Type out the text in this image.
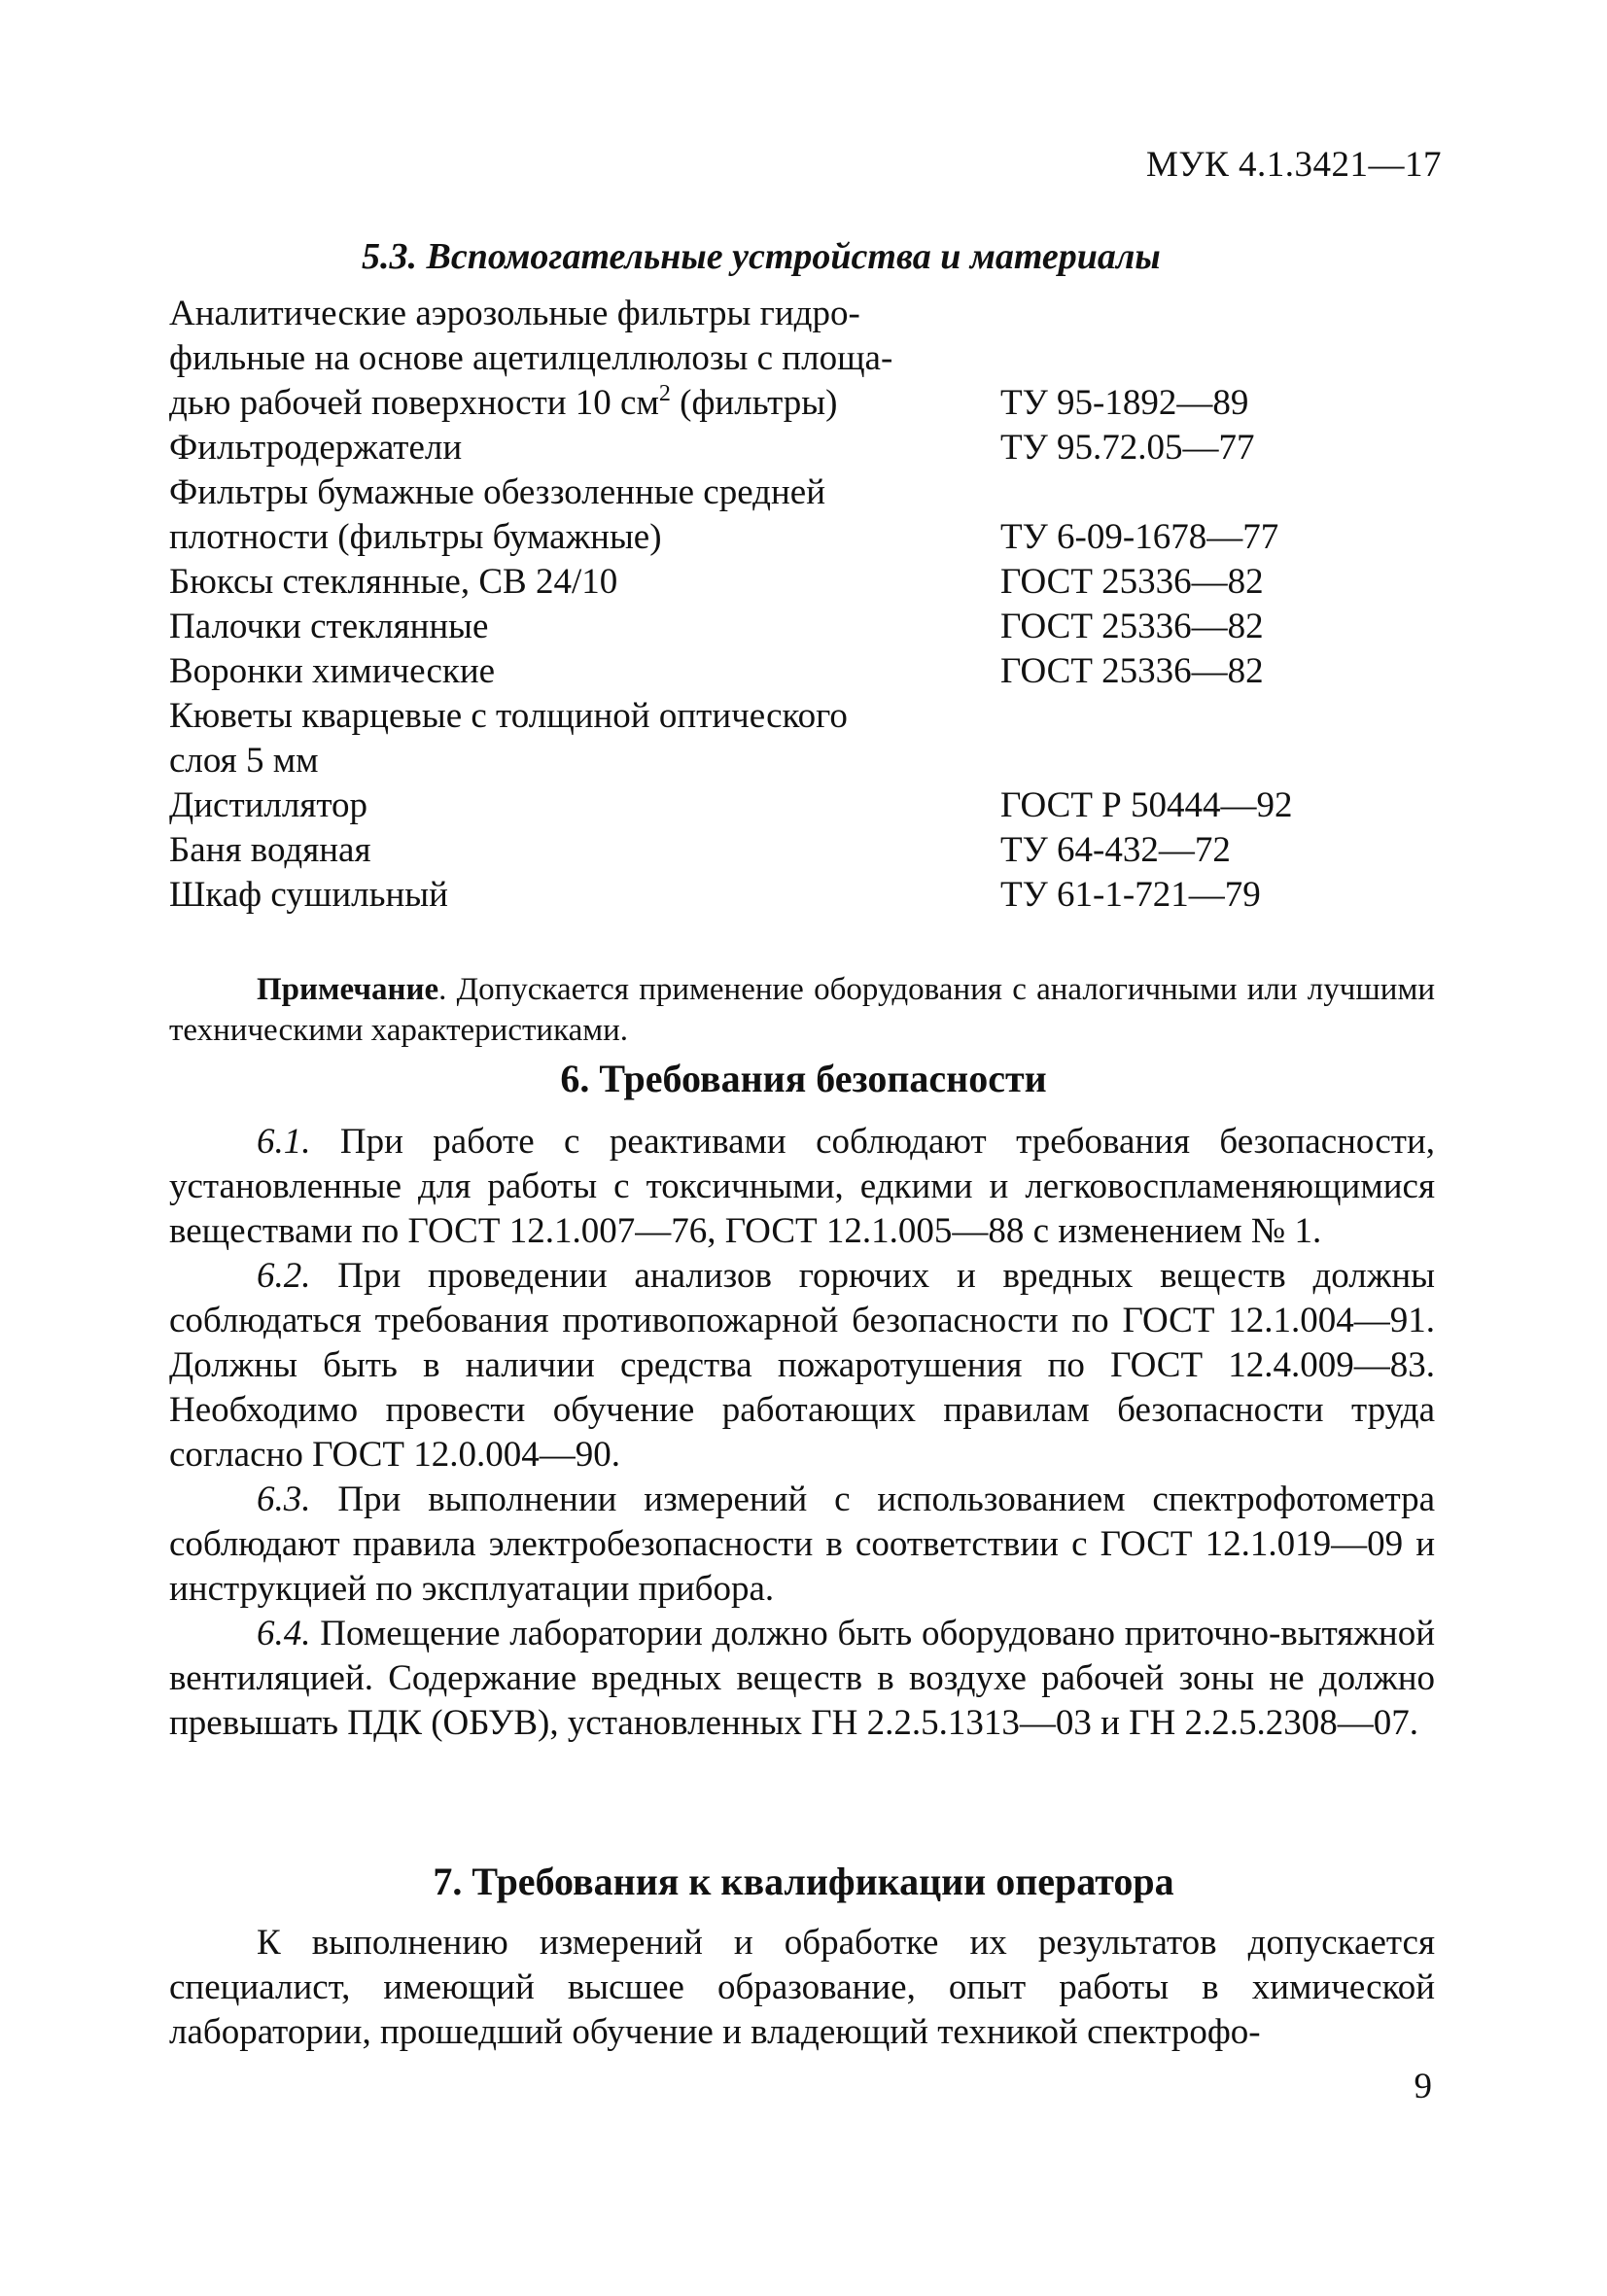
МУК 4.1.3421—17
5.3. Вспомогательные устройства и материалы
Аналитические аэрозольные фильтры гидро-
фильные на основе ацетилцеллюлозы с площа-
дью рабочей поверхности 10 $см^2$ (фильтры)	ТУ 95-1892—89
Фильтродержатели	ТУ 95.72.05—77
Фильтры бумажные обеззоленные средней
плотности (фильтры бумажные)	ТУ 6-09-1678—77
Бюксы стеклянные, СВ 24/10	ГОСТ 25336—82
Палочки стеклянные	ГОСТ 25336—82
Воронки химические	ГОСТ 25336—82
Кюветы кварцевые с толщиной оптического
слоя 5 мм
Дистиллятор	ГОСТ Р 50444—92
Баня водяная	ТУ 64-432—72
Шкаф сушильный	ТУ 61-1-721—79

Примечание. Допускается применение оборудования с аналогичными или лучшими техническими характеристиками.

6. Требования безопасности

6.1. При работе с реактивами соблюдают требования безопасности, установленные для работы с токсичными, едкими и легковоспламеняющимися веществами по ГОСТ 12.1.007—76, ГОСТ 12.1.005—88 с изменением № 1.

6.2. При проведении анализов горючих и вредных веществ должны соблюдаться требования противопожарной безопасности по ГОСТ 12.1.004—91. Должны быть в наличии средства пожаротушения по ГОСТ 12.4.009—83. Необходимо провести обучение работающих правилам безопасности труда согласно ГОСТ 12.0.004—90.

6.3. При выполнении измерений с использованием спектрофотометра соблюдают правила электробезопасности в соответствии с ГОСТ 12.1.019—09 и инструкцией по эксплуатации прибора.

6.4. Помещение лаборатории должно быть оборудовано приточно-вытяжной вентиляцией. Содержание вредных веществ в воздухе рабочей зоны не должно превышать ПДК (ОБУВ), установленных ГН 2.2.5.1313—03 и ГН 2.2.5.2308—07.

7. Требования к квалификации оператора

К выполнению измерений и обработке их результатов допускается специалист, имеющий высшее образование, опыт работы в химической лаборатории, прошедший обучение и владеющий техникой спектрофо-

9
